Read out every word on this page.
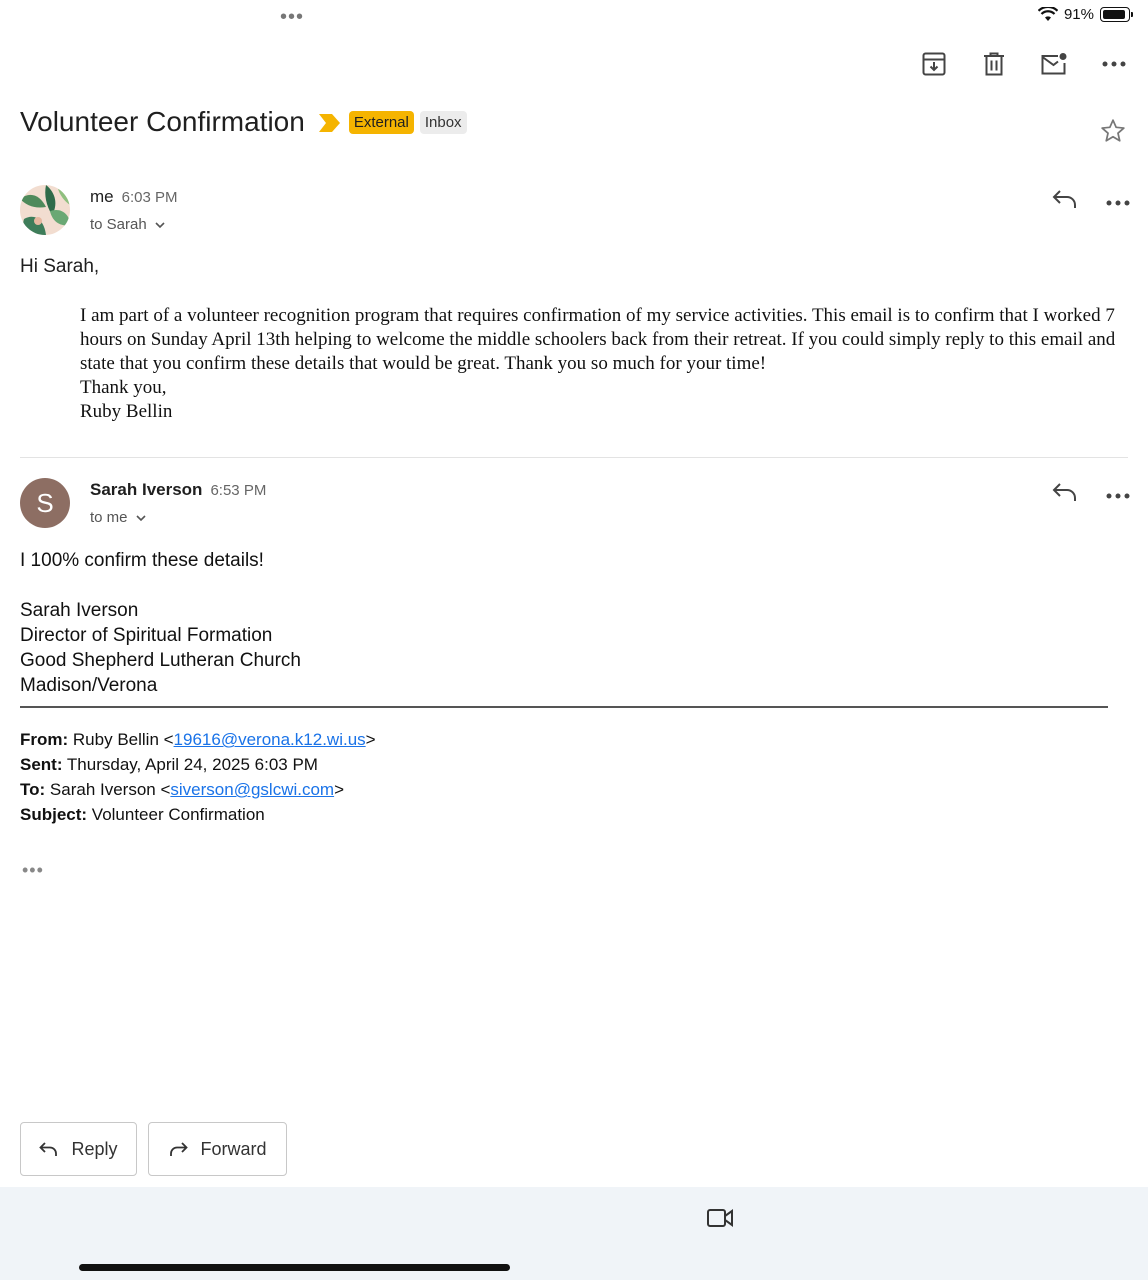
•••	91%
Volunteer Confirmation	External	Inbox
me 6:03 PM
to Sarah
Hi Sarah,
I am part of a volunteer recognition program that requires confirmation of my service activities. This email is to confirm that I worked 7 hours on Sunday April 13th helping to welcome the middle schoolers back from their retreat. If you could simply reply to this email and state that you confirm these details that would be great. Thank you so much for your time!
Thank you,
Ruby Bellin
S	Sarah Iverson 6:53 PM
to me
I 100% confirm these details!
Sarah Iverson
Director of Spiritual Formation
Good Shepherd Lutheran Church
Madison/Verona
From: Ruby Bellin <19616@verona.k12.wi.us>
Sent: Thursday, April 24, 2025 6:03 PM
To: Sarah Iverson <siverson@gslcwi.com>
Subject: Volunteer Confirmation
•••
Reply	Forward
